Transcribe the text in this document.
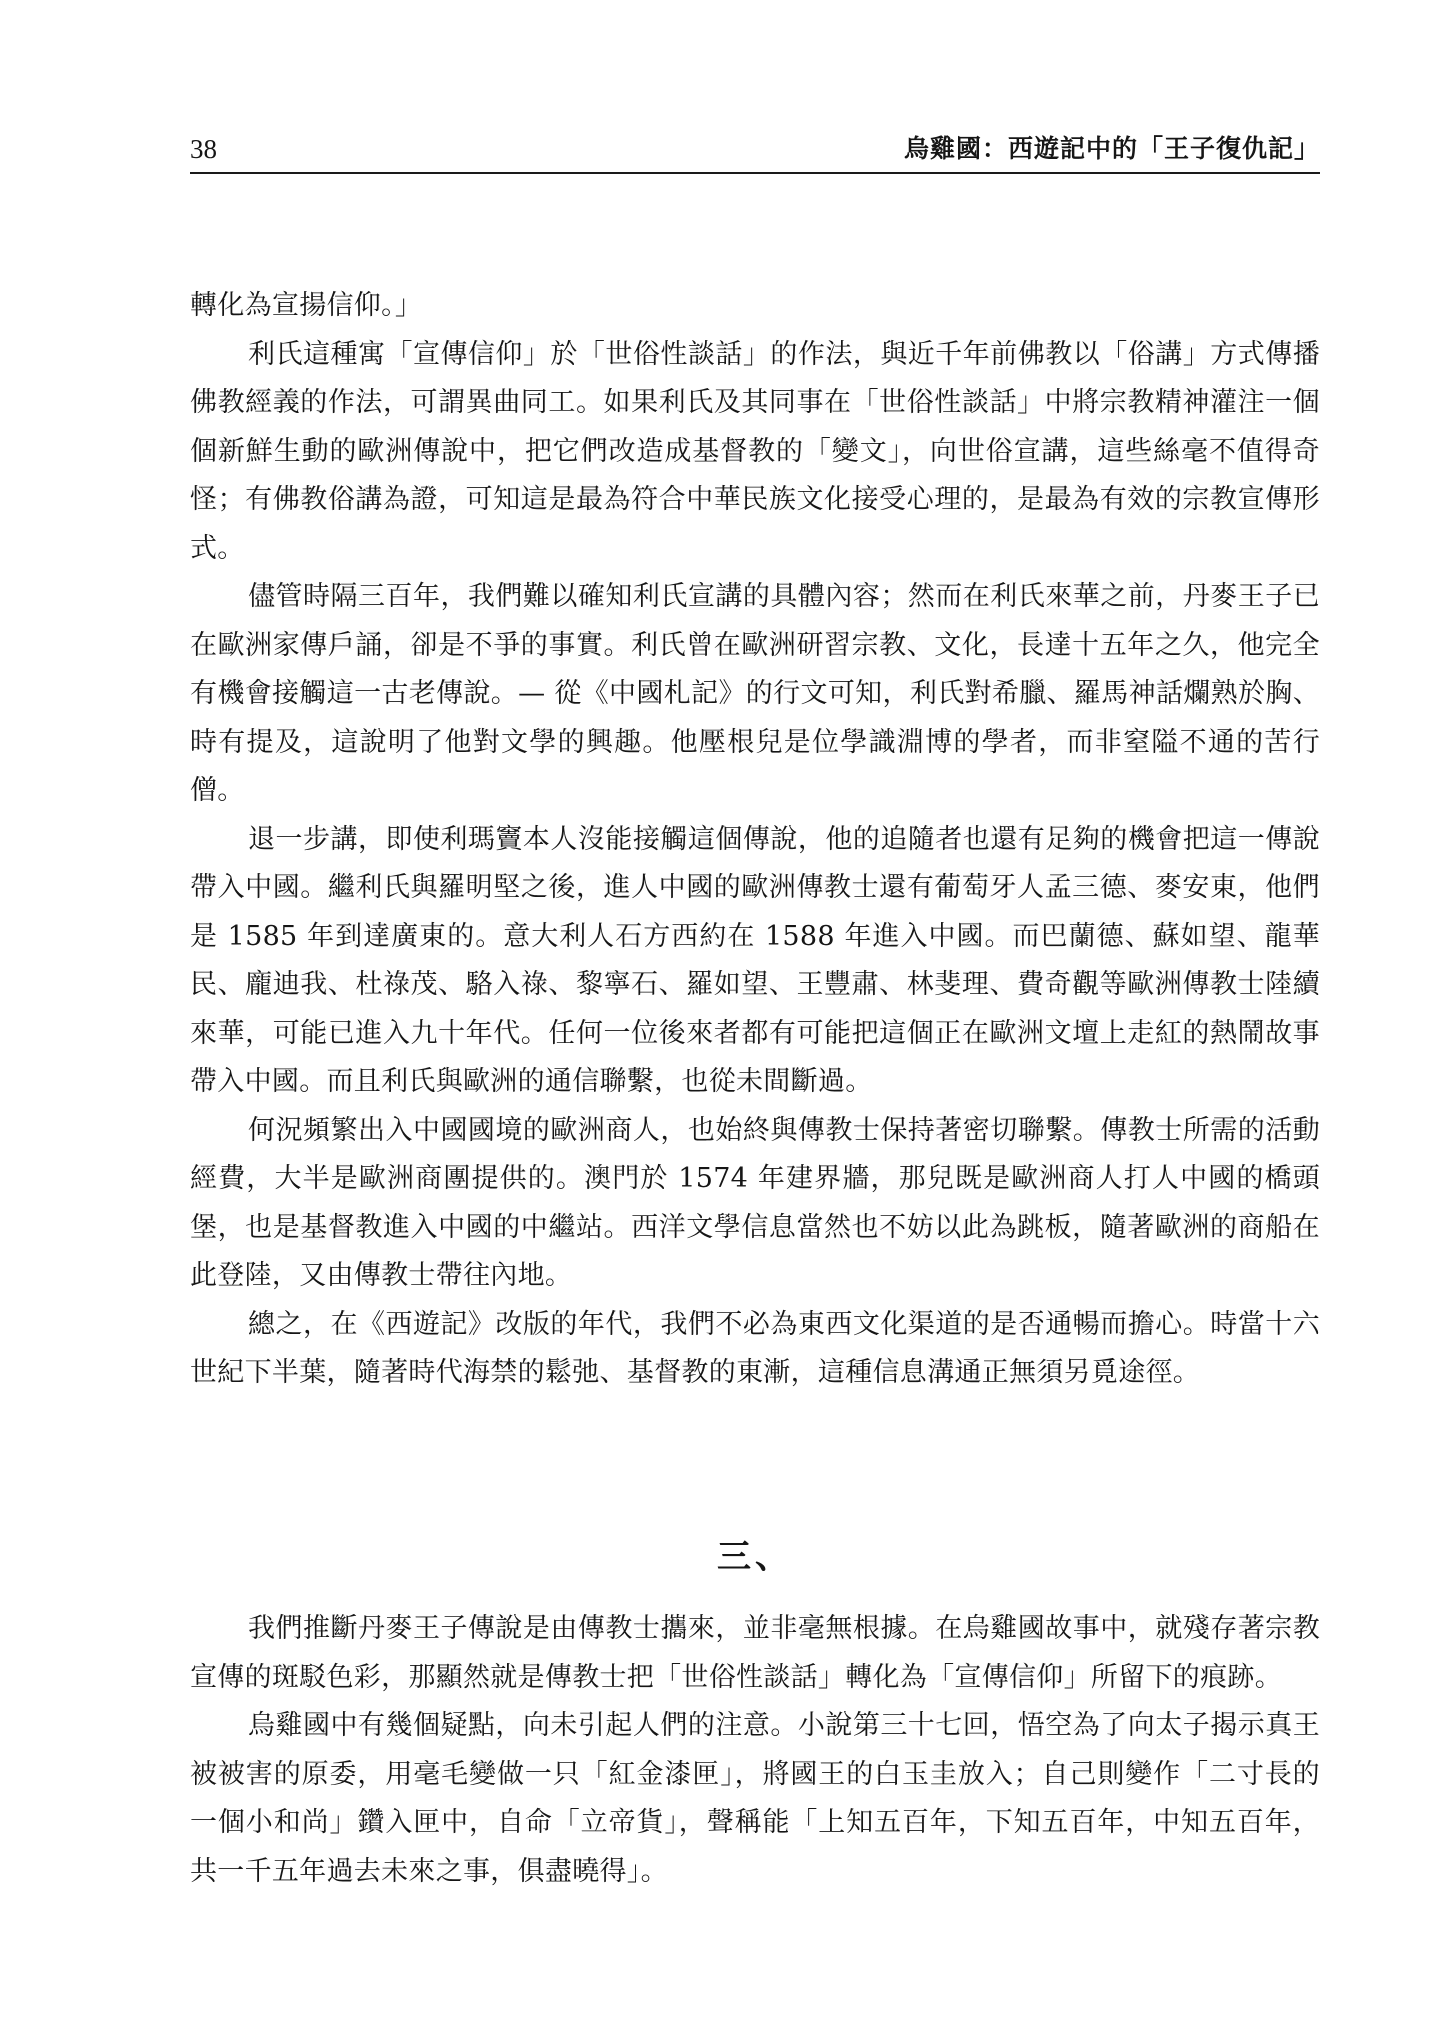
38	烏雞國：西遊記中的「王子復仇記」

轉化為宣揚信仰。」

利氏這種寓「宣傳信仰」於「世俗性談話」的作法，與近千年前佛教以「俗講」方式傳播佛教經義的作法，可謂異曲同工。如果利氏及其同事在「世俗性談話」中將宗教精神灌注一個個新鮮生動的歐洲傳說中，把它們改造成基督教的「變文」，向世俗宣講，這些絲毫不值得奇怪；有佛教俗講為證，可知這是最為符合中華民族文化接受心理的，是最為有效的宗教宣傳形式。

儘管時隔三百年，我們難以確知利氏宣講的具體內容；然而在利氏來華之前，丹麥王子已在歐洲家傳戶誦，卻是不爭的事實。利氏曾在歐洲研習宗教、文化，長達十五年之久，他完全有機會接觸這一古老傳說。— 從《中國札記》的行文可知，利氏對希臘、羅馬神話爛熟於胸、時有提及，這說明了他對文學的興趣。他壓根兒是位學識淵博的學者，而非窒隘不通的苦行僧。

退一步講，即使利瑪竇本人沒能接觸這個傳說，他的追隨者也還有足夠的機會把這一傳說帶入中國。繼利氏與羅明堅之後，進人中國的歐洲傳教士還有葡萄牙人孟三德、麥安東，他們是 1585 年到達廣東的。意大利人石方西約在 1588 年進入中國。而巴蘭德、蘇如望、龍華民、龐迪我、杜祿茂、駱入祿、黎寧石、羅如望、王豐肅、林斐理、費奇觀等歐洲傳教士陸續來華，可能已進入九十年代。任何一位後來者都有可能把這個正在歐洲文壇上走紅的熱鬧故事帶入中國。而且利氏與歐洲的通信聯繫，也從未間斷過。

何況頻繁出入中國國境的歐洲商人，也始終與傳教士保持著密切聯繫。傳教士所需的活動經費，大半是歐洲商團提供的。澳門於 1574 年建界牆，那兒既是歐洲商人打人中國的橋頭堡，也是基督教進入中國的中繼站。西洋文學信息當然也不妨以此為跳板，隨著歐洲的商船在此登陸，又由傳教士帶往內地。

總之，在《西遊記》改版的年代，我們不必為東西文化渠道的是否通暢而擔心。時當十六世紀下半葉，隨著時代海禁的鬆弛、基督教的東漸，這種信息溝通正無須另覓途徑。

三、

我們推斷丹麥王子傳說是由傳教士攜來，並非毫無根據。在烏雞國故事中，就殘存著宗教宣傳的斑駁色彩，那顯然就是傳教士把「世俗性談話」轉化為「宣傳信仰」所留下的痕跡。

烏雞國中有幾個疑點，向未引起人們的注意。小說第三十七回，悟空為了向太子揭示真王被被害的原委，用毫毛變做一只「紅金漆匣」，將國王的白玉圭放入；自己則變作「二寸長的一個小和尚」鑽入匣中，自命「立帝貨」，聲稱能「上知五百年，下知五百年，中知五百年，共一千五年過去未來之事，俱盡曉得」。
